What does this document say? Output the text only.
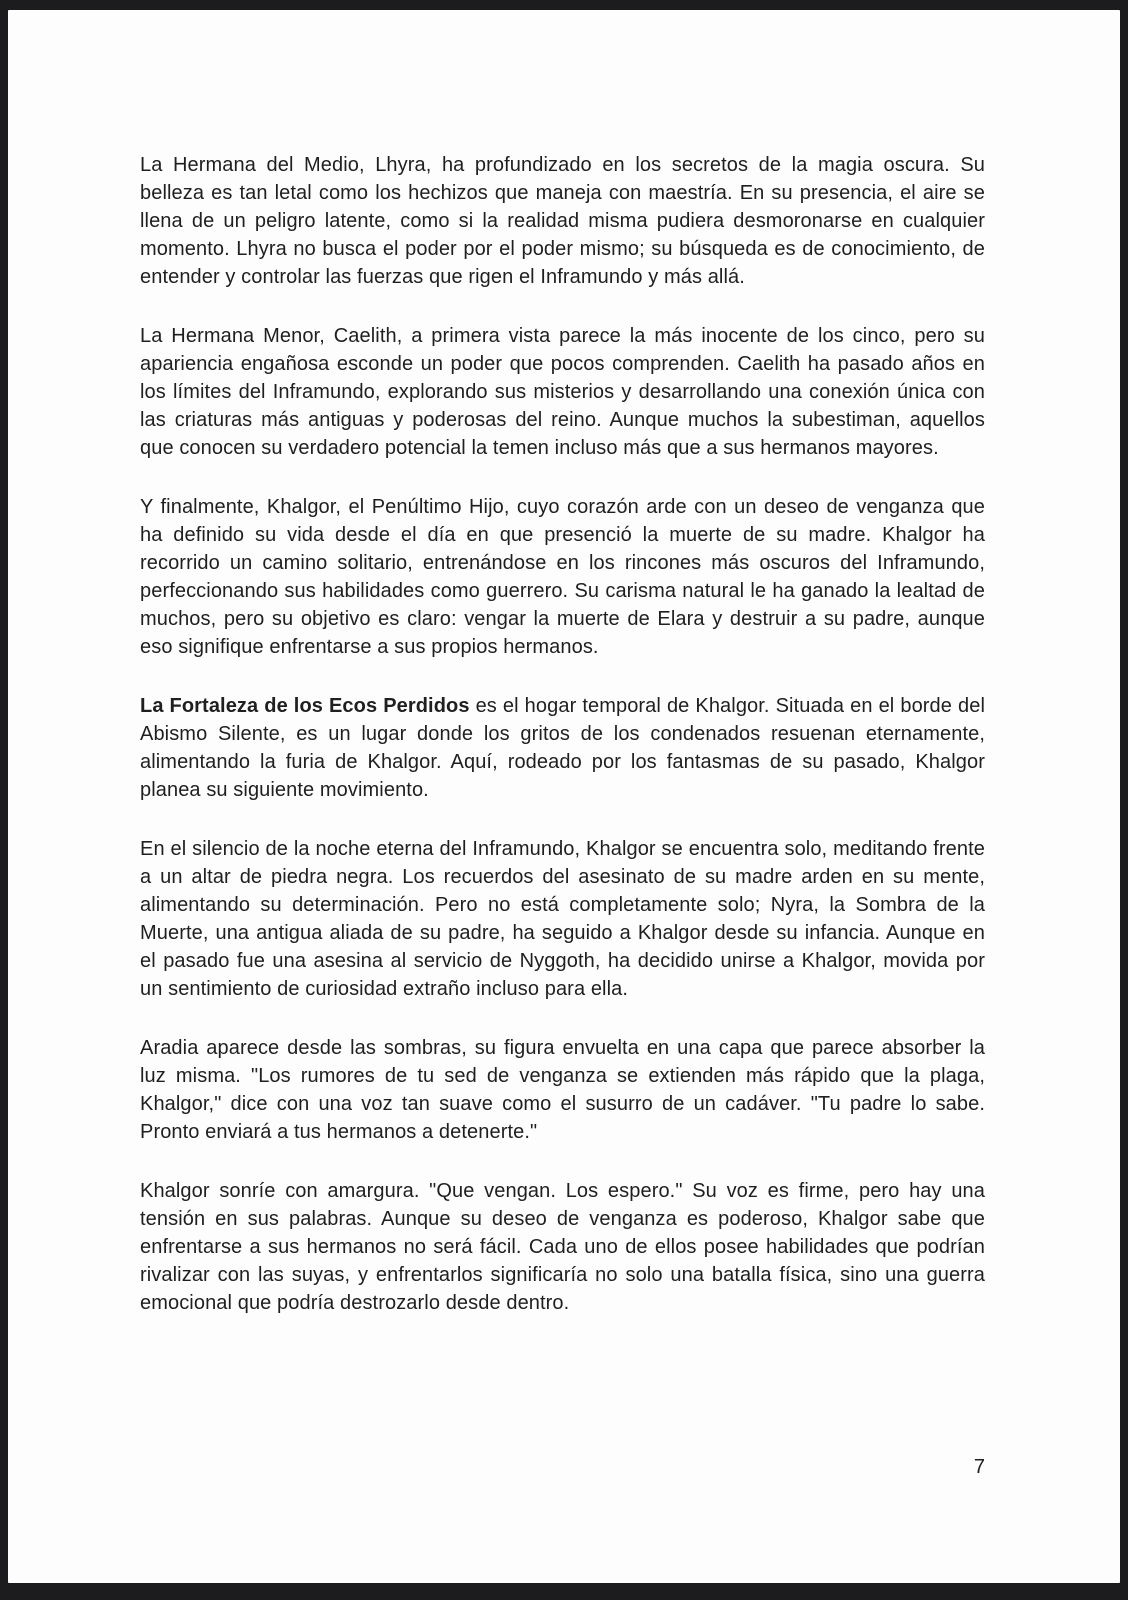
La Hermana del Medio, Lhyra, ha profundizado en los secretos de la magia oscura. Su belleza es tan letal como los hechizos que maneja con maestría. En su presencia, el aire se llena de un peligro latente, como si la realidad misma pudiera desmoronarse en cualquier momento. Lhyra no busca el poder por el poder mismo; su búsqueda es de conocimiento, de entender y controlar las fuerzas que rigen el Inframundo y más allá.

La Hermana Menor, Caelith, a primera vista parece la más inocente de los cinco, pero su apariencia engañosa esconde un poder que pocos comprenden. Caelith ha pasado años en los límites del Inframundo, explorando sus misterios y desarrollando una conexión única con las criaturas más antiguas y poderosas del reino. Aunque muchos la subestiman, aquellos que conocen su verdadero potencial la temen incluso más que a sus hermanos mayores.

Y finalmente, Khalgor, el Penúltimo Hijo, cuyo corazón arde con un deseo de venganza que ha definido su vida desde el día en que presenció la muerte de su madre. Khalgor ha recorrido un camino solitario, entrenándose en los rincones más oscuros del Inframundo, perfeccionando sus habilidades como guerrero. Su carisma natural le ha ganado la lealtad de muchos, pero su objetivo es claro: vengar la muerte de Elara y destruir a su padre, aunque eso signifique enfrentarse a sus propios hermanos.

La Fortaleza de los Ecos Perdidos es el hogar temporal de Khalgor. Situada en el borde del Abismo Silente, es un lugar donde los gritos de los condenados resuenan eternamente, alimentando la furia de Khalgor. Aquí, rodeado por los fantasmas de su pasado, Khalgor planea su siguiente movimiento.

En el silencio de la noche eterna del Inframundo, Khalgor se encuentra solo, meditando frente a un altar de piedra negra. Los recuerdos del asesinato de su madre arden en su mente, alimentando su determinación. Pero no está completamente solo; Nyra, la Sombra de la Muerte, una antigua aliada de su padre, ha seguido a Khalgor desde su infancia. Aunque en el pasado fue una asesina al servicio de Nyggoth, ha decidido unirse a Khalgor, movida por un sentimiento de curiosidad extraño incluso para ella.

Aradia aparece desde las sombras, su figura envuelta en una capa que parece absorber la luz misma. "Los rumores de tu sed de venganza se extienden más rápido que la plaga, Khalgor," dice con una voz tan suave como el susurro de un cadáver. "Tu padre lo sabe. Pronto enviará a tus hermanos a detenerte."

Khalgor sonríe con amargura. "Que vengan. Los espero." Su voz es firme, pero hay una tensión en sus palabras. Aunque su deseo de venganza es poderoso, Khalgor sabe que enfrentarse a sus hermanos no será fácil. Cada uno de ellos posee habilidades que podrían rivalizar con las suyas, y enfrentarlos significaría no solo una batalla física, sino una guerra emocional que podría destrozarlo desde dentro.

7
